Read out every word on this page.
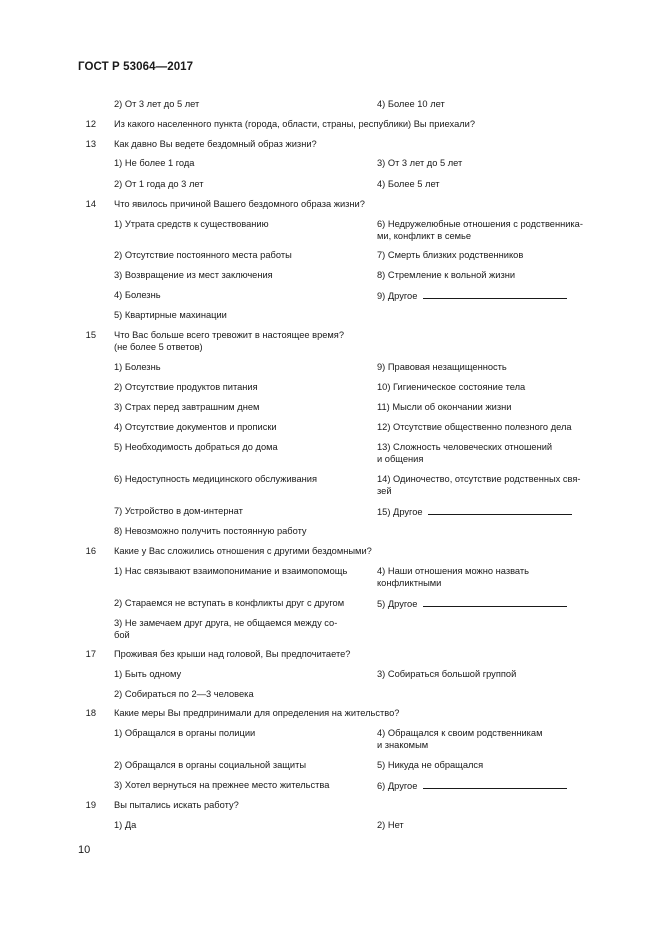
ГОСТ Р 53064—2017
2) От 3 лет до 5 лет	4) Более 10 лет
12 Из какого населенного пункта (города, области, страны, республики) Вы приехали?
13 Как давно Вы ведете бездомный образ жизни?
1) Не более 1 года	3) От 3 лет до 5 лет
2) От 1 года до 3 лет	4) Более 5 лет
14 Что явилось причиной Вашего бездомного образа жизни?
1) Утрата средств к существованию	6) Недружелюбные отношения с родственника-
ми, конфликт в семье
2) Отсутствие постоянного места работы	7) Смерть близких родственников
3) Возвращение из мест заключения	8) Стремление к вольной жизни
4) Болезнь	9) Другое
5) Квартирные махинации
15 Что Вас больше всего тревожит в настоящее время?
(не более 5 ответов)
1) Болезнь	9) Правовая незащищенность
2) Отсутствие продуктов питания	10) Гигиеническое состояние тела
3) Страх перед завтрашним днем	11) Мысли об окончании жизни
4) Отсутствие документов и прописки	12) Отсутствие общественно полезного дела
5) Необходимость добраться до дома	13) Сложность человеческих отношений
и общения
6) Недоступность медицинского обслуживания	14) Одиночество, отсутствие родственных свя-
зей
7) Устройство в дом-интернат	15) Другое
8) Невозможно получить постоянную работу
16 Какие у Вас сложились отношения с другими бездомными?
1) Нас связывают взаимопонимание и взаимопомощь	4) Наши отношения можно назвать
конфликтными
2) Стараемся не вступать в конфликты друг с другом	5) Другое
3) Не замечаем друг друга, не общаемся между со-
бой
17 Проживая без крыши над головой, Вы предпочитаете?
1) Быть одному	3) Собираться большой группой
2) Собираться по 2—3 человека
18 Какие меры Вы предпринимали для определения на жительство?
1) Обращался в органы полиции	4) Обращался к своим родственникам
и знакомым
2) Обращался в органы социальной защиты	5) Никуда не обращался
3) Хотел вернуться на прежнее место жительства	6) Другое
19 Вы пытались искать работу?
1) Да	2) Нет
10
